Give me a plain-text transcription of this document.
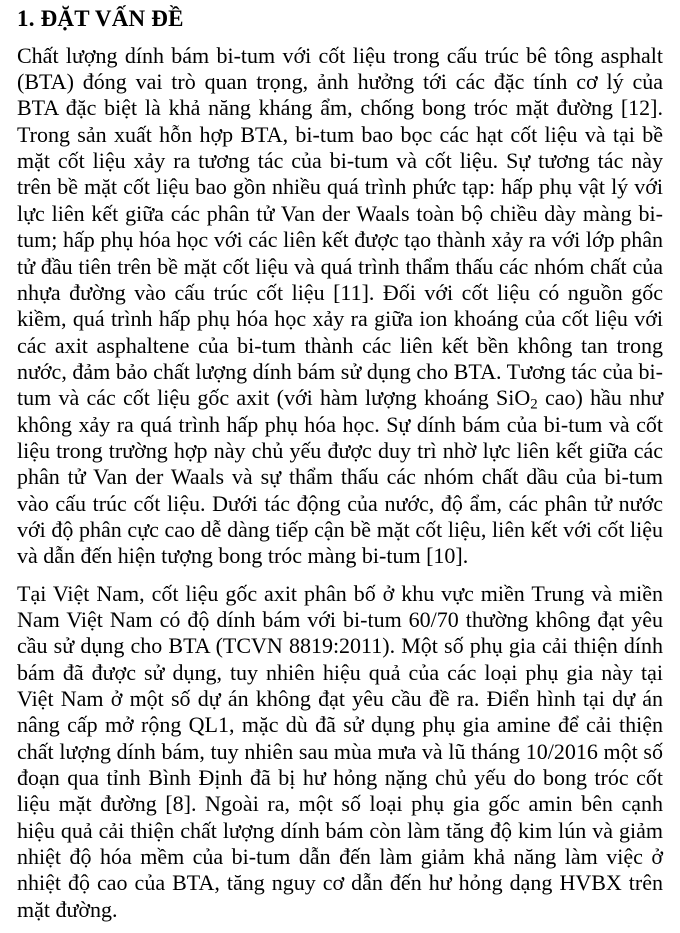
1. ĐẶT VẤN ĐỀ

Chất lượng dính bám bi-tum với cốt liệu trong cấu trúc bê tông asphalt (BTA) đóng vai trò quan trọng, ảnh hưởng tới các đặc tính cơ lý của BTA đặc biệt là khả năng kháng ẩm, chống bong tróc mặt đường [12]. Trong sản xuất hỗn hợp BTA, bi-tum bao bọc các hạt cốt liệu và tại bề mặt cốt liệu xảy ra tương tác của bi-tum và cốt liệu. Sự tương tác này trên bề mặt cốt liệu bao gồn nhiều quá trình phức tạp: hấp phụ vật lý với lực liên kết giữa các phân tử Van der Waals toàn bộ chiều dày màng bi-tum; hấp phụ hóa học với các liên kết được tạo thành xảy ra với lớp phân tử đầu tiên trên bề mặt cốt liệu và quá trình thẩm thấu các nhóm chất của nhựa đường vào cấu trúc cốt liệu [11]. Đối với cốt liệu có nguồn gốc kiềm, quá trình hấp phụ hóa học xảy ra giữa ion khoáng của cốt liệu với các axit asphaltene của bi-tum thành các liên kết bền không tan trong nước, đảm bảo chất lượng dính bám sử dụng cho BTA. Tương tác của bi-tum và các cốt liệu gốc axit (với hàm lượng khoáng SiO$_2$ cao) hầu như không xảy ra quá trình hấp phụ hóa học. Sự dính bám của bi-tum và cốt liệu trong trường hợp này chủ yếu được duy trì nhờ lực liên kết giữa các phân tử Van der Waals và sự thẩm thấu các nhóm chất dầu của bi-tum vào cấu trúc cốt liệu. Dưới tác động của nước, độ ẩm, các phân tử nước với độ phân cực cao dễ dàng tiếp cận bề mặt cốt liệu, liên kết với cốt liệu và dẫn đến hiện tượng bong tróc màng bi-tum [10].

Tại Việt Nam, cốt liệu gốc axit phân bố ở khu vực miền Trung và miền Nam Việt Nam có độ dính bám với bi-tum 60/70 thường không đạt yêu cầu sử dụng cho BTA (TCVN 8819:2011). Một số phụ gia cải thiện dính bám đã được sử dụng, tuy nhiên hiệu quả của các loại phụ gia này tại Việt Nam ở một số dự án không đạt yêu cầu đề ra. Điển hình tại dự án nâng cấp mở rộng QL1, mặc dù đã sử dụng phụ gia amine để cải thiện chất lượng dính bám, tuy nhiên sau mùa mưa và lũ tháng 10/2016 một số đoạn qua tỉnh Bình Định đã bị hư hỏng nặng chủ yếu do bong tróc cốt liệu mặt đường [8]. Ngoài ra, một số loại phụ gia gốc amin bên cạnh hiệu quả cải thiện chất lượng dính bám còn làm tăng độ kim lún và giảm nhiệt độ hóa mềm của bi-tum dẫn đến làm giảm khả năng làm việc ở nhiệt độ cao của BTA, tăng nguy cơ dẫn đến hư hỏng dạng HVBX trên mặt đường.
